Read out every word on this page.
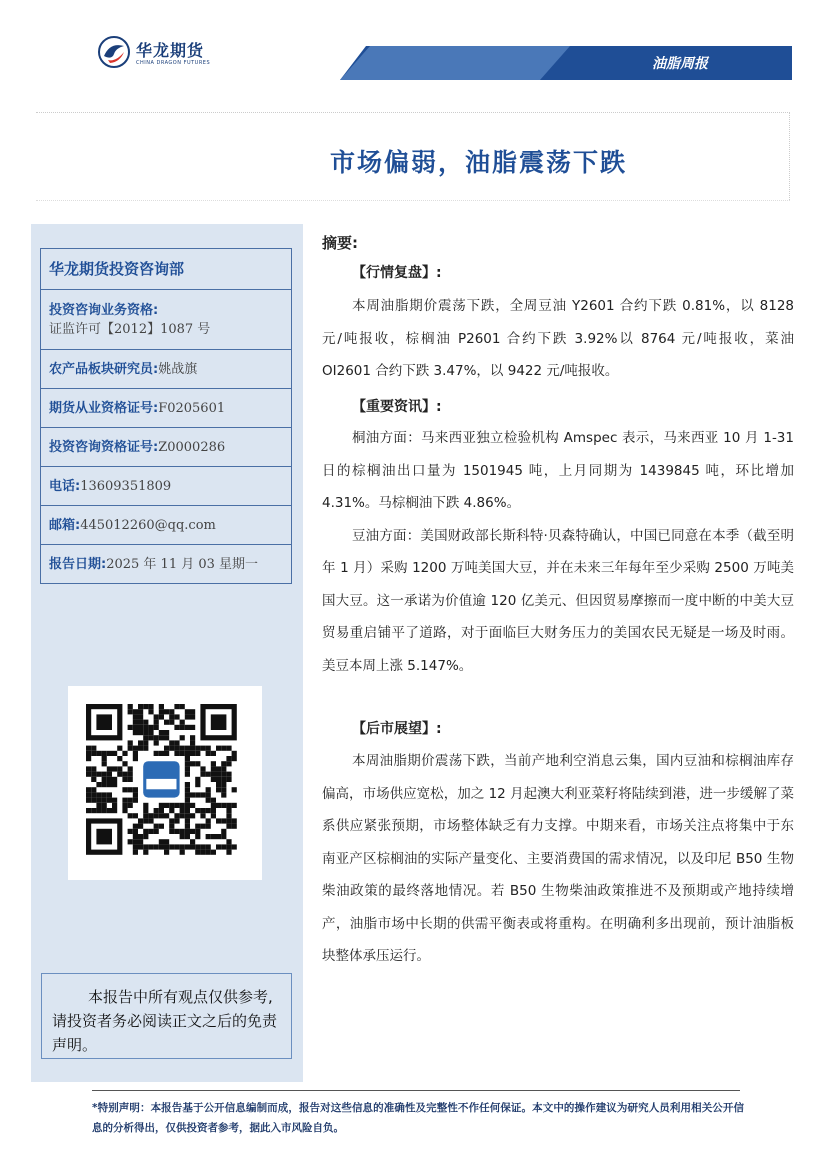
华龙期货
CHINA DRAGON FUTURES	油脂周报
市场偏弱，油脂震荡下跌
华龙期货投资咨询部
投资咨询业务资格:
证监许可【2012】1087 号
农产品板块研究员: 姚战旗
期货从业资格证号: F0205601
投资咨询资格证号: Z0000286
电话: 13609351809
邮箱: 445012260@qq.com
报告日期: 2025 年 11 月 03 星期一
本报告中所有观点仅供参考,请投资者务必阅读正文之后的免责声明。
摘要:
【行情复盘】:

本周油脂期价震荡下跌，全周豆油 Y2601 合约下跌 0.81%，以 8128 元/吨报收，棕榈油 P2601 合约下跌 3.92%以 8764 元/吨报收，菜油 OI2601 合约下跌 3.47%，以 9422 元/吨报收。

【重要资讯】:

桐油方面：马来西亚独立检验机构 Amspec 表示，马来西亚 10 月 1-31 日的棕榈油出口量为 1501945 吨，上月同期为 1439845 吨，环比增加 4.31%。马棕榈油下跌 4.86%。

豆油方面：美国财政部长斯科特·贝森特确认，中国已同意在本季（截至明年 1 月）采购 1200 万吨美国大豆，并在未来三年每年至少采购 2500 万吨美国大豆。这一承诺为价值逾 120 亿美元、但因贸易摩擦而一度中断的中美大豆贸易重启铺平了道路，对于面临巨大财务压力的美国农民无疑是一场及时雨。美豆本周上涨 5.147%。

【后市展望】:

本周油脂期价震荡下跌，当前产地利空消息云集，国内豆油和棕榈油库存偏高，市场供应宽松，加之 12 月起澳大利亚菜籽将陆续到港，进一步缓解了菜系供应紧张预期，市场整体缺乏有力支撑。中期来看，市场关注点将集中于东南亚产区棕榈油的实际产量变化、主要消费国的需求情况，以及印尼 B50 生物柴油政策的最终落地情况。若 B50 生物柴油政策推进不及预期或产地持续增产，油脂市场中长期的供需平衡表或将重构。在明确利多出现前，预计油脂板块整体承压运行。

*特别声明：本报告基于公开信息编制而成，报告对这些信息的准确性及完整性不作任何保证。本文中的操作建议为研究人员利用相关公开信息的分析得出，仅供投资者参考，据此入市风险自负。
